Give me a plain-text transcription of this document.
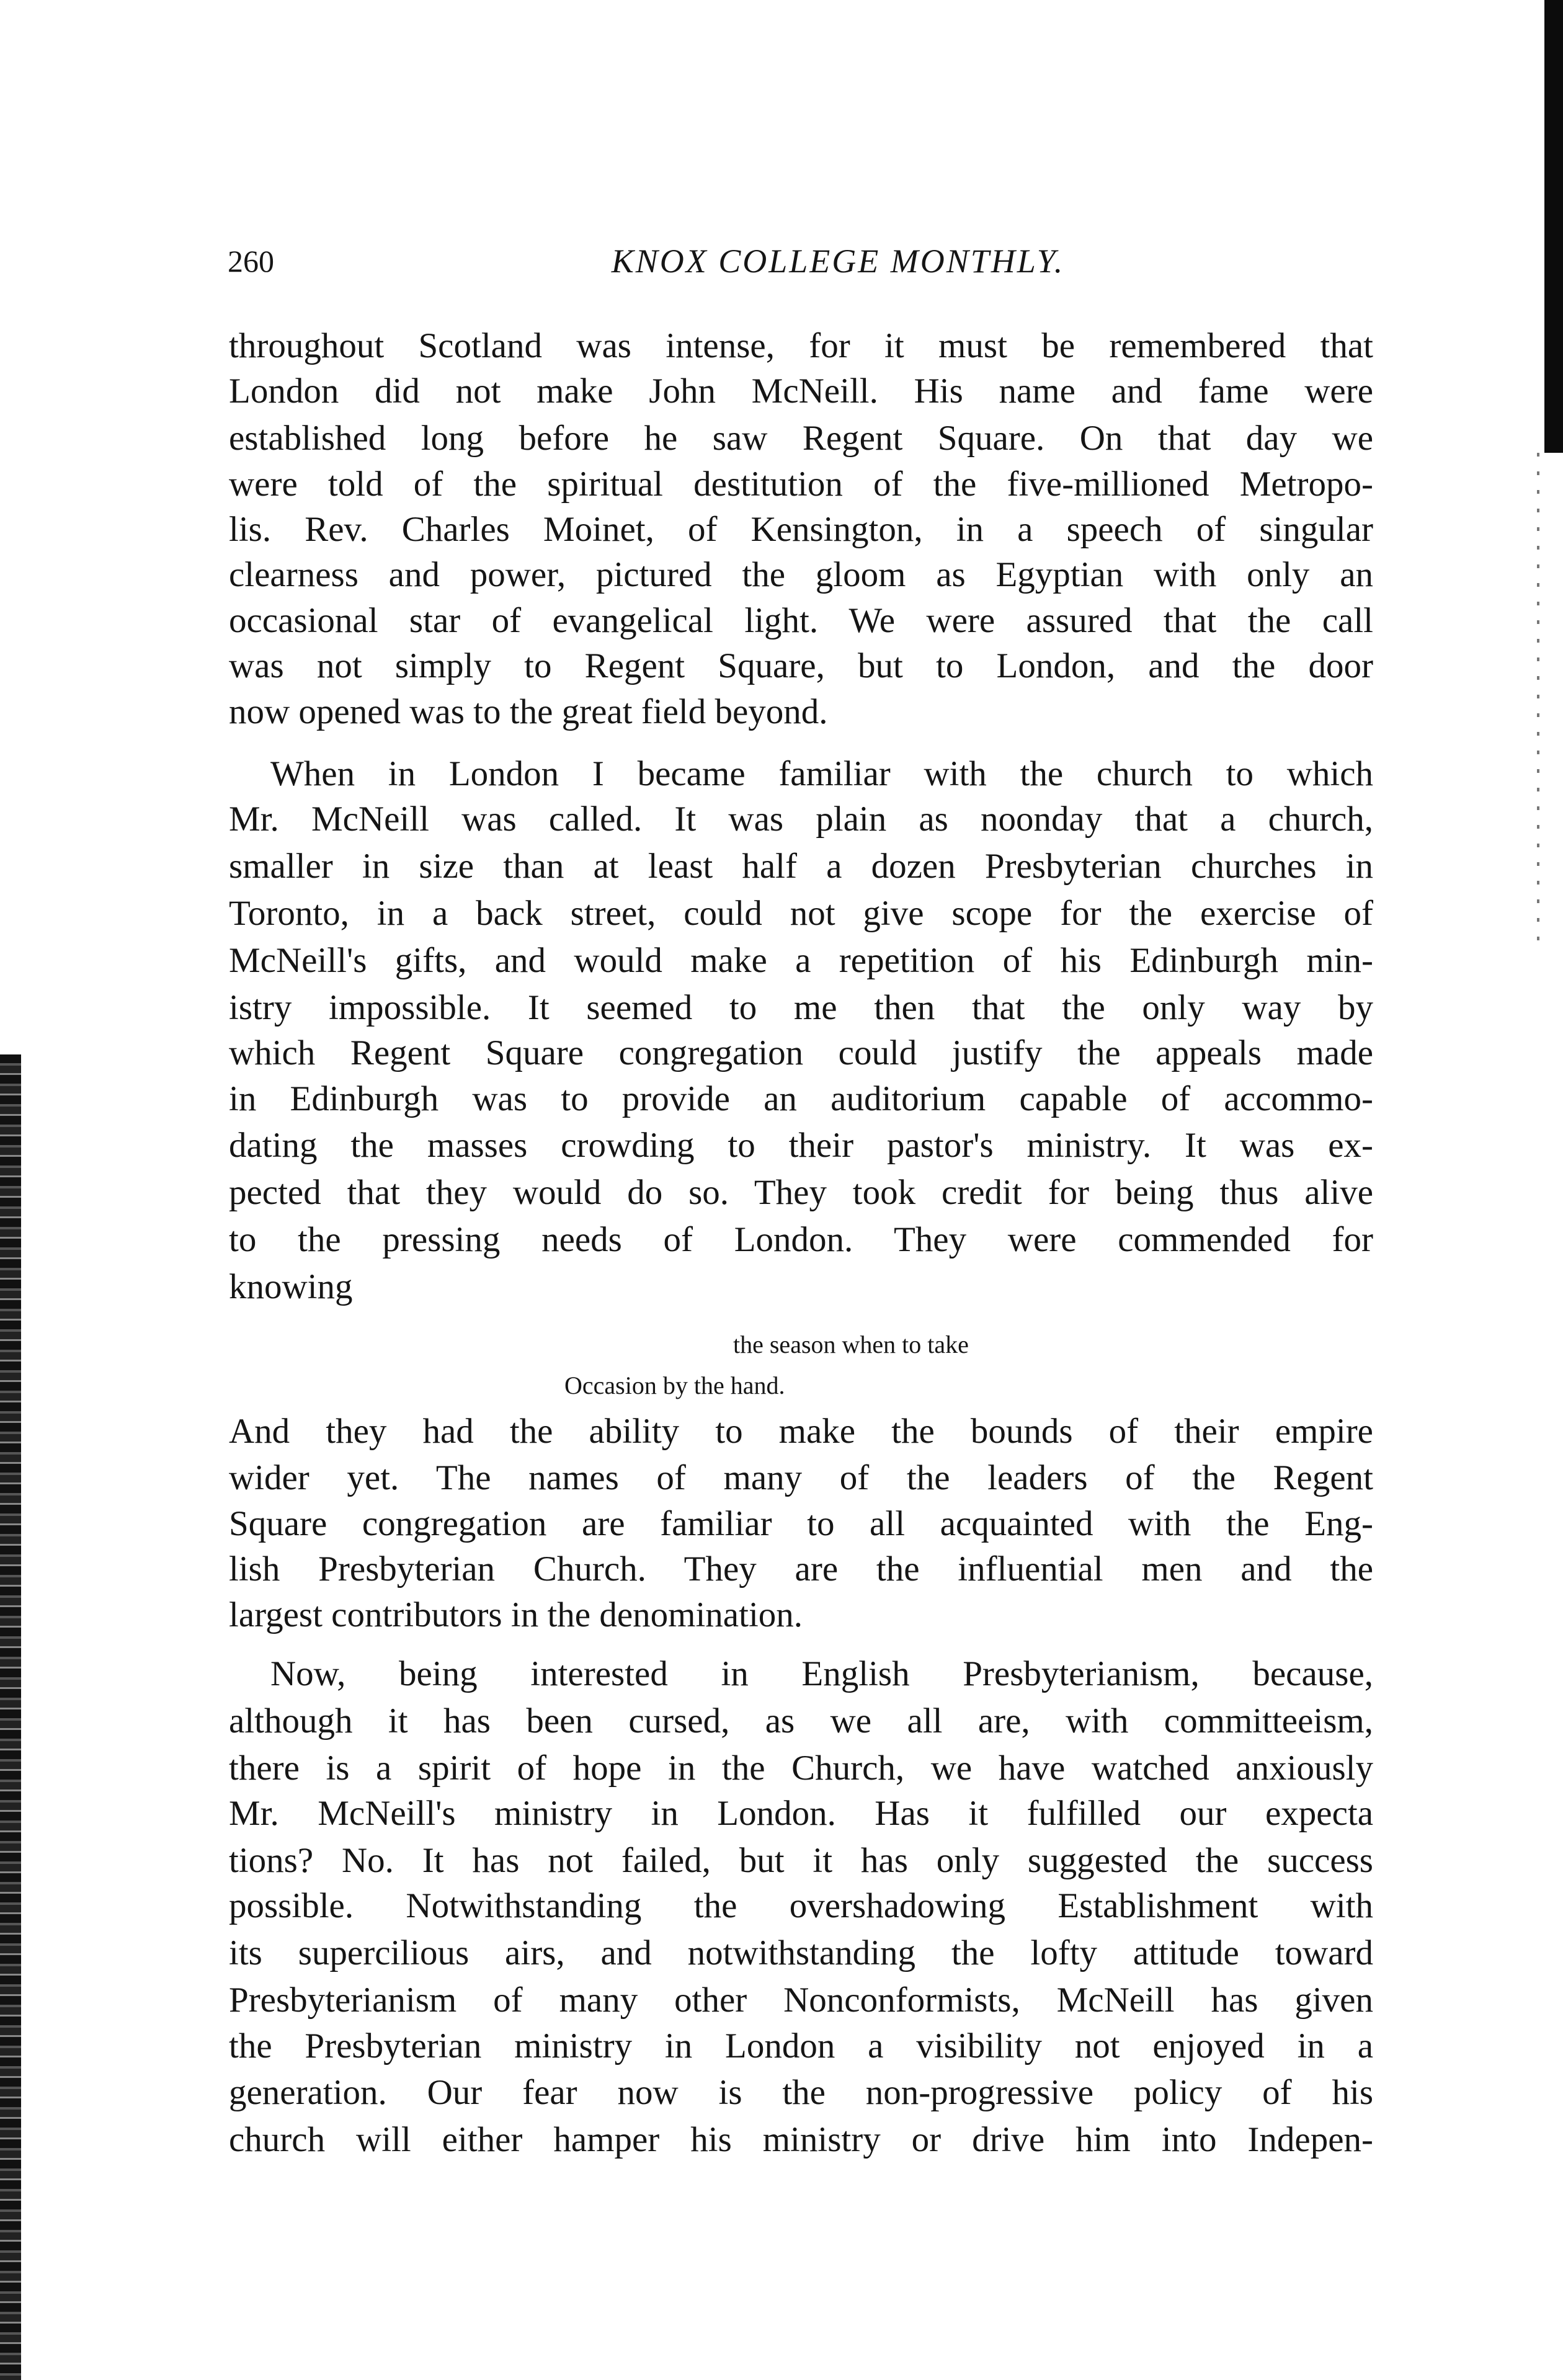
260	KNOX COLLEGE MONTHLY.
throughout Scotland was intense, for it must be remembered that
London did not make John McNeill. His name and fame were
established long before he saw Regent Square. On that day we
were told of the spiritual destitution of the five-millioned Metropo-
lis. Rev. Charles Moinet, of Kensington, in a speech of singular
clearness and power, pictured the gloom as Egyptian with only an
occasional star of evangelical light. We were assured that the call
was not simply to Regent Square, but to London, and the door
now opened was to the great field beyond.
When in London I became familiar with the church to which
Mr. McNeill was called. It was plain as noonday that a church,
smaller in size than at least half a dozen Presbyterian churches in
Toronto, in a back street, could not give scope for the exercise of
McNeill's gifts, and would make a repetition of his Edinburgh min-
istry impossible. It seemed to me then that the only way by
which Regent Square congregation could justify the appeals made
in Edinburgh was to provide an auditorium capable of accommo-
dating the masses crowding to their pastor's ministry. It was ex-
pected that they would do so. They took credit for being thus alive
to the pressing needs of London. They were commended for
knowing
the season when to take
Occasion by the hand.
And they had the ability to make the bounds of their empire
wider yet. The names of many of the leaders of the Regent
Square congregation are familiar to all acquainted with the Eng-
lish Presbyterian Church. They are the influential men and the
largest contributors in the denomination.
Now, being interested in English Presbyterianism, because,
although it has been cursed, as we all are, with committeeism,
there is a spirit of hope in the Church, we have watched anxiously
Mr. McNeill's ministry in London. Has it fulfilled our expecta
tions? No. It has not failed, but it has only suggested the success
possible. Notwithstanding the overshadowing Establishment with
its supercilious airs, and notwithstanding the lofty attitude toward
Presbyterianism of many other Nonconformists, McNeill has given
the Presbyterian ministry in London a visibility not enjoyed in a
generation. Our fear now is the non-progressive policy of his
church will either hamper his ministry or drive him into Indepen-
